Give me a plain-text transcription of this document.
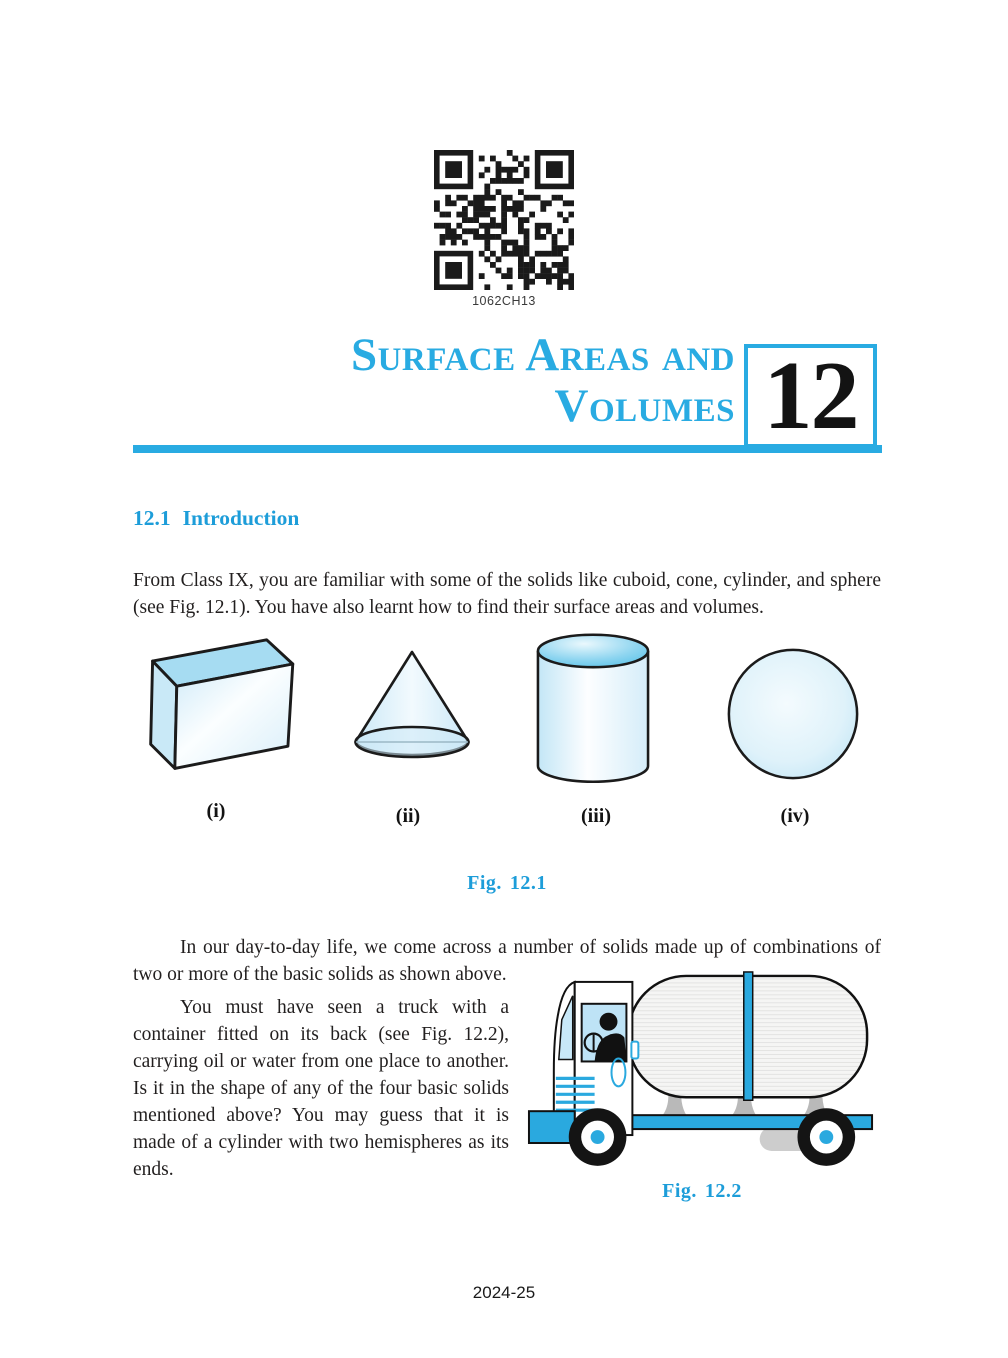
1062CH13
Surface Areas and
Volumes 12
12.1 Introduction

From Class IX, you are familiar with some of the solids like cuboid, cone, cylinder, and sphere (see Fig. 12.1). You have also learnt how to find their surface areas and volumes.

(i)	(ii)	(iii)	(iv)
Fig. 12.1

In our day-to-day life, we come across a number of solids made up of combinations of two or more of the basic solids as shown above.

Fig. 12.2

You must have seen a truck with a container fitted on its back (see Fig. 12.2), carrying oil or water from one place to another. Is it in the shape of any of the four basic solids mentioned above? You may guess that it is made of a cylinder with two hemispheres as its ends.

2024-25
